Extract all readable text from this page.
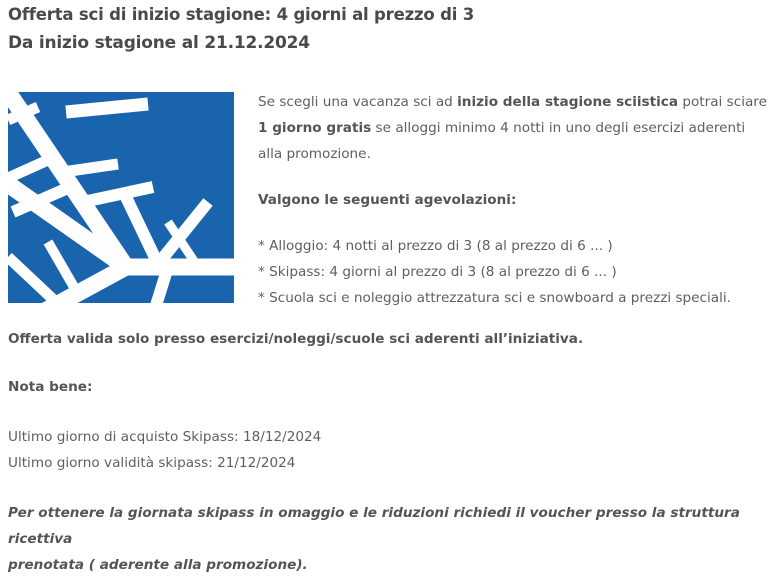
Offerta sci di inizio stagione: 4 giorni al prezzo di 3
Da inizio stagione al 21.12.2024

Se scegli una vacanza sci ad inizio della stagione sciistica potrai sciare

1 giorno gratis se alloggi minimo 4 notti in uno degli esercizi aderenti

alla promozione.

Valgono le seguenti agevolazioni:

* Alloggio: 4 notti al prezzo di 3 (8 al prezzo di 6 ... )

* Skipass: 4 giorni al prezzo di 3 (8 al prezzo di 6 ... )

* Scuola sci e noleggio attrezzatura sci e snowboard a prezzi speciali.

Offerta valida solo presso esercizi/noleggi/scuole sci aderenti all’iniziativa.
Nota bene:
Ultimo giorno di acquisto Skipass: 18/12/2024
Ultimo giorno validità skipass: 21/12/2024
Per ottenere la giornata skipass in omaggio e le riduzioni richiedi il voucher presso la struttura ricettiva
prenotata ( aderente alla promozione).
